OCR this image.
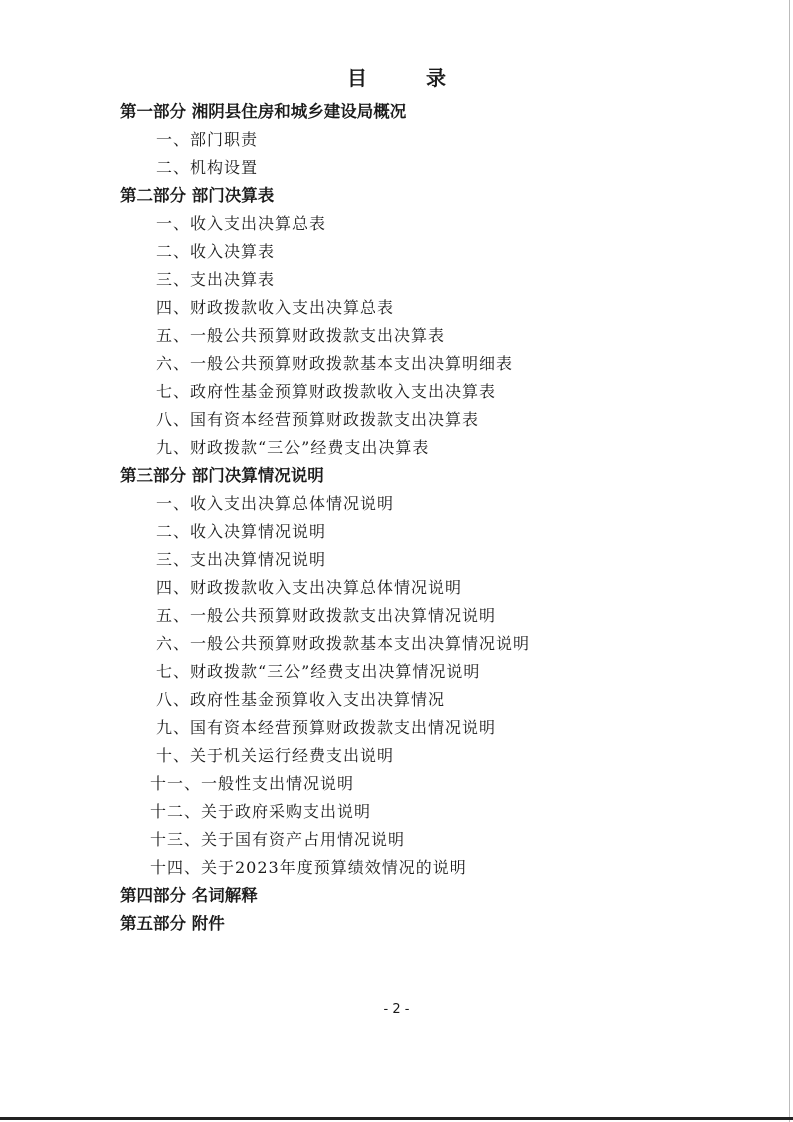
目 录
第一部分 湘阴县住房和城乡建设局概况
一、部门职责
二、机构设置
第二部分 部门决算表
一、收入支出决算总表
二、收入决算表
三、支出决算表
四、财政拨款收入支出决算总表
五、一般公共预算财政拨款支出决算表
六、一般公共预算财政拨款基本支出决算明细表
七、政府性基金预算财政拨款收入支出决算表
八、国有资本经营预算财政拨款支出决算表
九、财政拨款“三公”经费支出决算表
第三部分 部门决算情况说明
一、收入支出决算总体情况说明
二、收入决算情况说明
三、支出决算情况说明
四、财政拨款收入支出决算总体情况说明
五、一般公共预算财政拨款支出决算情况说明
六、一般公共预算财政拨款基本支出决算情况说明
七、财政拨款“三公”经费支出决算情况说明
八、政府性基金预算收入支出决算情况
九、国有资本经营预算财政拨款支出情况说明
十、关于机关运行经费支出说明
十一、一般性支出情况说明
十二、关于政府采购支出说明
十三、关于国有资产占用情况说明
十四、关于2023年度预算绩效情况的说明
第四部分 名词解释
第五部分 附件
- 2 -
